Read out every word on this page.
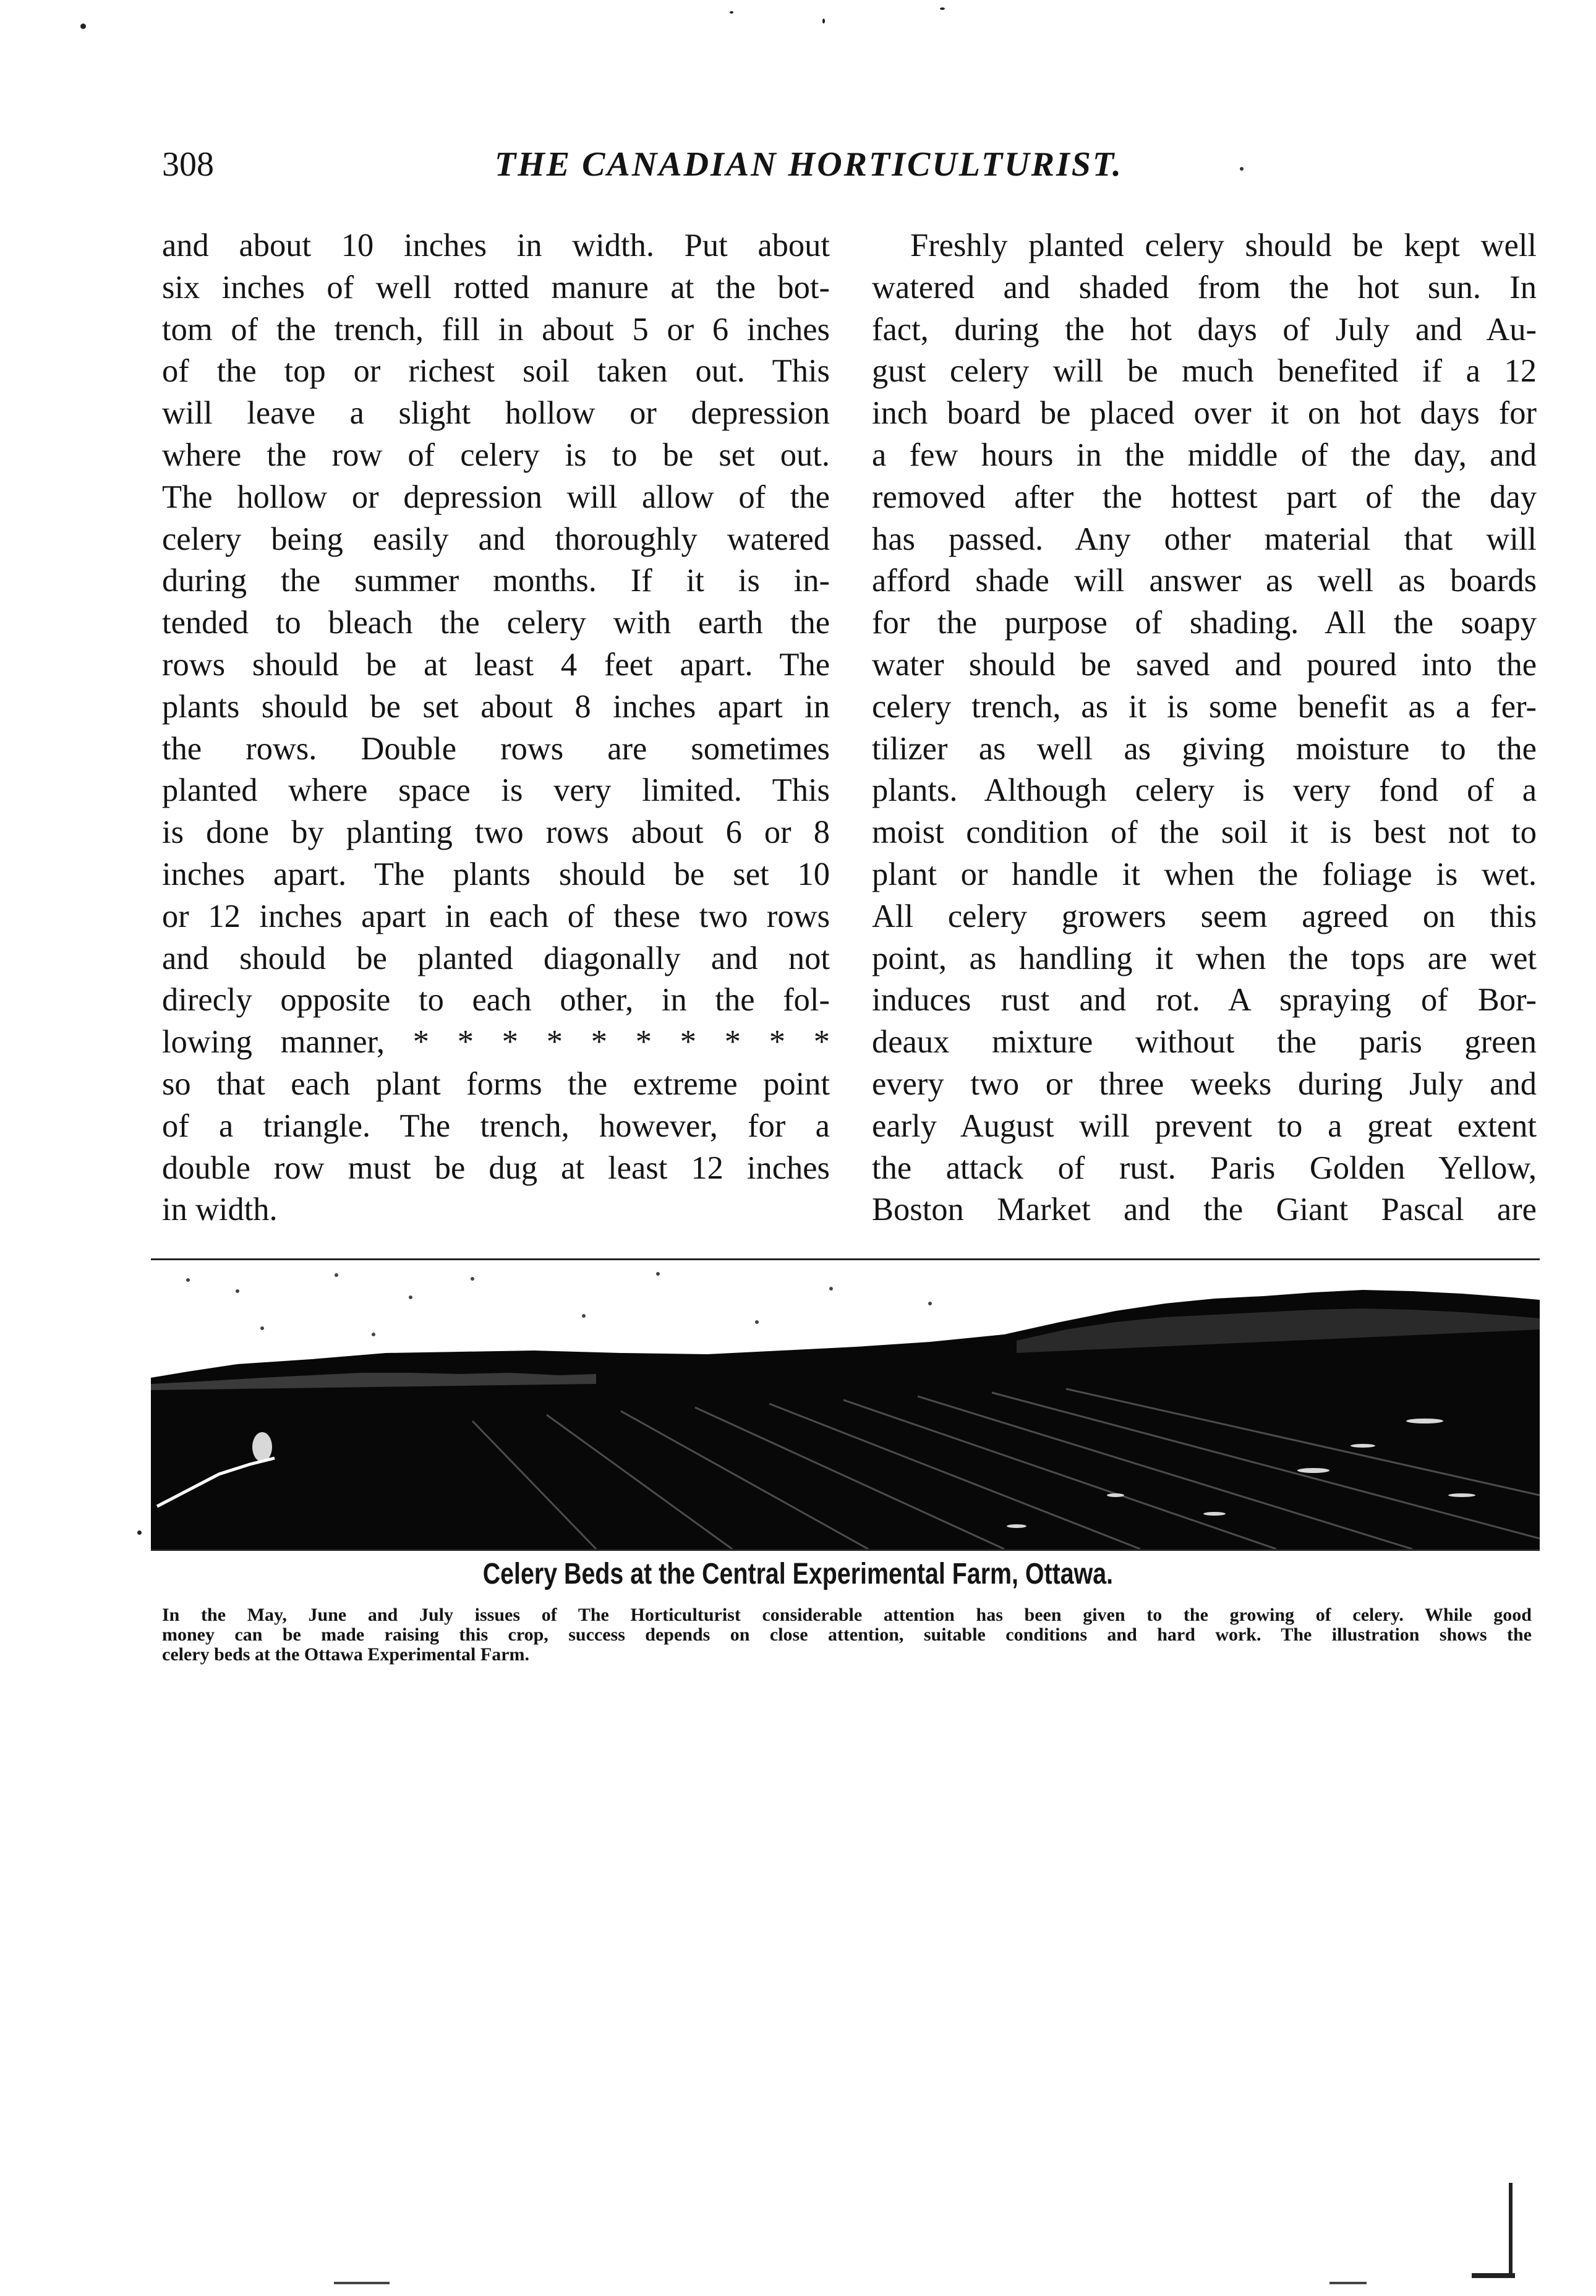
308	THE CANADIAN HORTICULTURIST.
and about 10 inches in width. Put about
six inches of well rotted manure at the bot-
tom of the trench, fill in about 5 or 6 inches
of the top or richest soil taken out. This
will leave a slight hollow or depression
where the row of celery is to be set out.
The hollow or depression will allow of the
celery being easily and thoroughly watered
during the summer months. If it is in-
tended to bleach the celery with earth the
rows should be at least 4 feet apart. The
plants should be set about 8 inches apart in
the rows. Double rows are sometimes
planted where space is very limited. This
is done by planting two rows about 6 or 8
inches apart. The plants should be set 10
or 12 inches apart in each of these two rows
and should be planted diagonally and not
direcly opposite to each other, in the fol-
lowing manner, * * * * * * * * * *
so that each plant forms the extreme point
of a triangle. The trench, however, for a
double row must be dug at least 12 inches
in width.
Freshly planted celery should be kept well
watered and shaded from the hot sun. In
fact, during the hot days of July and Au-
gust celery will be much benefited if a 12
inch board be placed over it on hot days for
a few hours in the middle of the day, and
removed after the hottest part of the day
has passed. Any other material that will
afford shade will answer as well as boards
for the purpose of shading. All the soapy
water should be saved and poured into the
celery trench, as it is some benefit as a fer-
tilizer as well as giving moisture to the
plants. Although celery is very fond of a
moist condition of the soil it is best not to
plant or handle it when the foliage is wet.
All celery growers seem agreed on this
point, as handling it when the tops are wet
induces rust and rot. A spraying of Bor-
deaux mixture without the paris green
every two or three weeks during July and
early August will prevent to a great extent
the attack of rust. Paris Golden Yellow,
Boston Market and the Giant Pascal are
Celery Beds at the Central Experimental Farm, Ottawa.
In the May, June and July issues of The Horticulturist considerable attention has been given to the growing of celery. While good
money can be made raising this crop, success depends on close attention, suitable conditions and hard work. The illustration shows the
celery beds at the Ottawa Experimental Farm.
